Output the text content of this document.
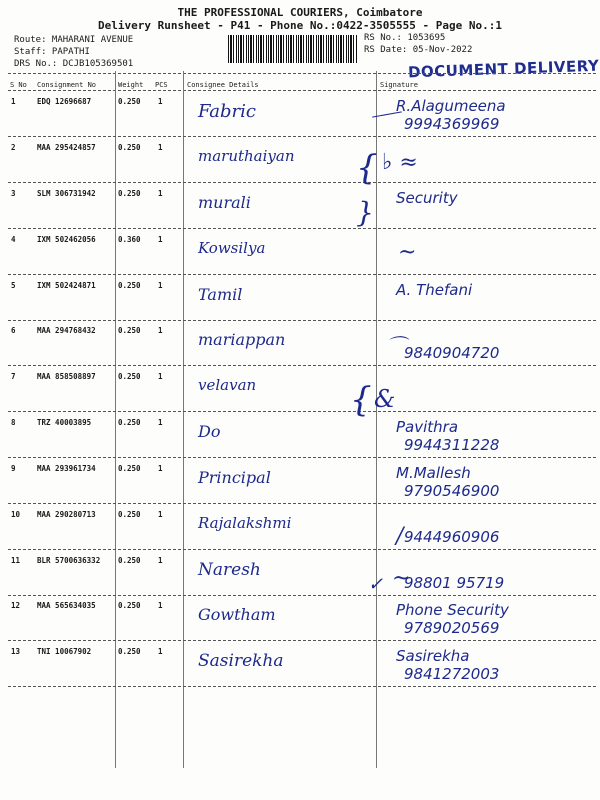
THE PROFESSIONAL COURIERS, Coimbatore
Delivery Runsheet - P41 - Phone No.:0422-3505555 - Page No.:1
Route: MAHARANI AVENUE
Staff: PAPATHI
DRS No.: DCJB105369501
RS No.: 1053695
RS Date: 05-Nov-2022
DOCUMENT DELIVERY
S No Consignment No	Weight PCS	Consignee Details	Signature
1	EDQ 12696687	0.250 1 Fabric	R.Alagumeena
9994369969
2	MAA 295424857	0.250 1 maruthaiyan
3	SLM 306731942	0.250 1 murali	Security
4	IXM 502462056	0.360 1 Kowsilya
5	IXM 502424871	0.250 1 Tamil	A. Thefani
6	MAA 294768432	0.250 1 mariappan
9840904720
7	MAA 858508897	0.250 1 velavan
8	TRZ 40003895	0.250 1 Do	Pavithra
9944311228
9	MAA 293961734	0.250 1 Principal	M.Mallesh
9790546900
10 MAA 290280713	0.250 1 Rajalakshmi
9444960906
11 BLR 5700636332 0.250 1 Naresh
98801 95719
12 MAA 565634035	0.250 1 Gowtham	Phone Security
9789020569
13 TNI 10067902	0.250 1 Sasirekha	Sasirekha
9841272003
{ ♭ ≈
}
~
⌒
{ &
/
✓ ~
